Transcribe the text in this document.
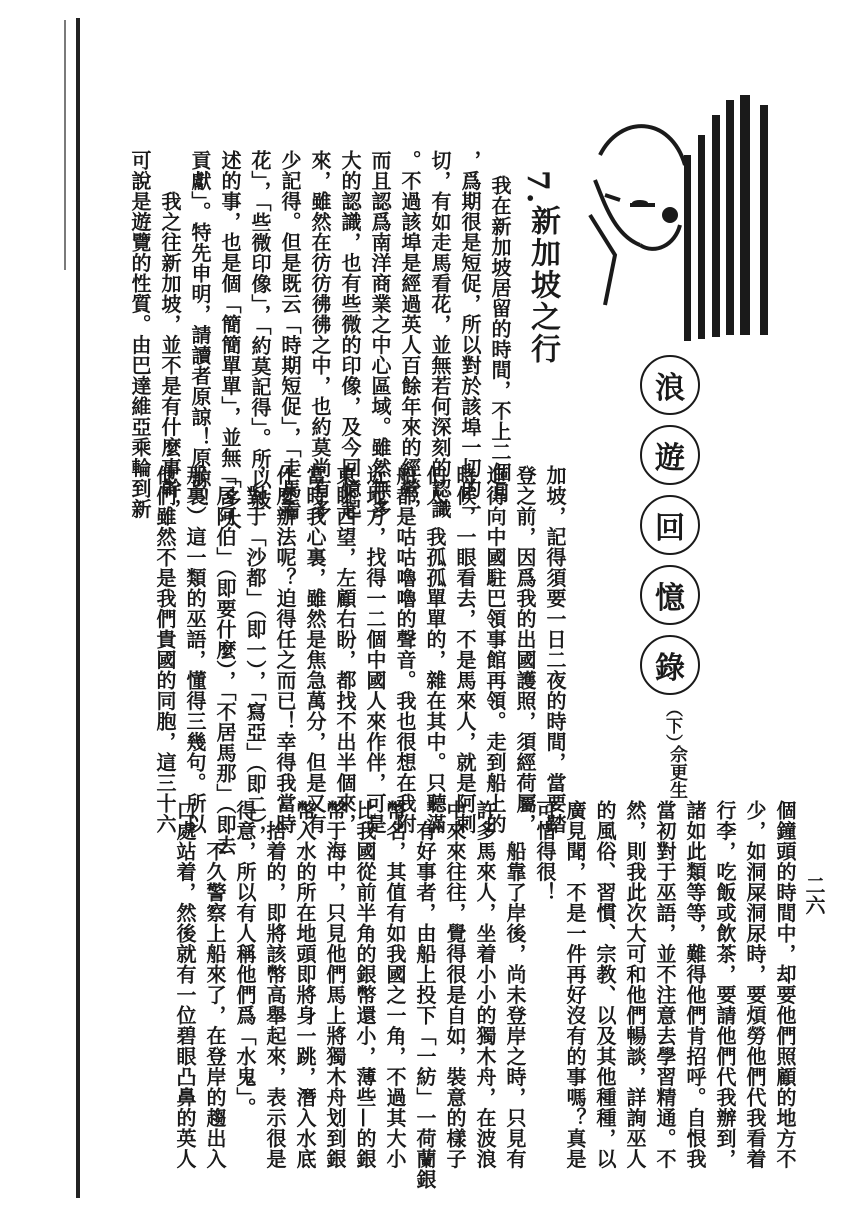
浪
遊
回
憶
錄
（下）
佘更生
二六
7.
新加坡之行
我在新加坡居留的時間，不上二個月
，爲期很是短促，所以對於該埠一切的一
切，有如走馬看花，並無若何深刻的認識
。不過該埠是經過英人百餘年來的經營，
而且認爲南洋商業之中心區域。雖然無多
大的認識，也有些微的印像，及今回憶起
來，雖然在彷彷彿彿之中，也約莫尚有多
少記得。但是既云「時期短促」，「走馬看
花」，「些微印像」，「約莫記得」。所以敍
述的事，也是個「簡簡單單」，並無「多大
貢獻」。特先申明，請讀者原諒！原諒！
　　我之往新加坡，並不是有什麼事幹，
可說是遊覽的性質。由巴達維亞乘輪到新
加坡，記得須要一日二夜的時間，當要踏
登之前，因爲我的出國護照，須經荷屬，
迫得向中國駐巴領事館再領。走到船上的
時候，一眼看去，不是馬來人，就是阿刺
伯人，我孤孤單單的，雜在其中。只聽滿
船都是咕咕嚕嚕的聲音。我也很想在我附
近地方，找得一二個中國人來作伴，可是
東眺西望，左顧右盼，都找不出半個來，
當時我心裏，雖然是焦急萬分，但是又有
什麼辦法呢？迫得任之而已！幸得我當時
，對于「沙都」（即一），「寫亞」（即二），
「居阿伯」（即要什麼），「不居馬那」（即去
那裏）這一類的巫語，懂得三幾句。所以
他們雖然不是我們貴國的同胞，這三十六
個鐘頭的時間中，却要他們照顧的地方不
少，如洞屎洞尿時，要煩勞他們代我看着
行李，吃飯或飲茶，要請他們代我辦到，
諸如此類等等，難得他們肯招呼。自恨我
當初對于巫語，並不注意去學習精通。不
然，則我此次大可和他們暢談，詳詢巫人
的風俗、習慣、宗教、以及其他種種，以
廣見聞，不是一件再好沒有的事嗎？真是
可惜得很！
　　船靠了岸後，尚未登岸之時，只見有
許多馬來人，坐着小小的獨木舟，在波浪
中來來往往，覺得很是自如，裝意的樣子
。有好事者，由船上投下「一紡」一荷蘭銀
幣名，其值有如我國之一角，不過其大小
比我國從前半角的銀幣還小，薄些—的銀
幣于海中，只見他們馬上將獨木舟划到銀
幣入水的所在地頭即將身一跳，潛入水底
，拾着的，即將該幣高舉起來，表示很是
得意，所以有人稱他們爲「水鬼」。
　　不久警察上船來了，在登岸的趨出入
口處站着，然後就有一位碧眼凸鼻的英人
